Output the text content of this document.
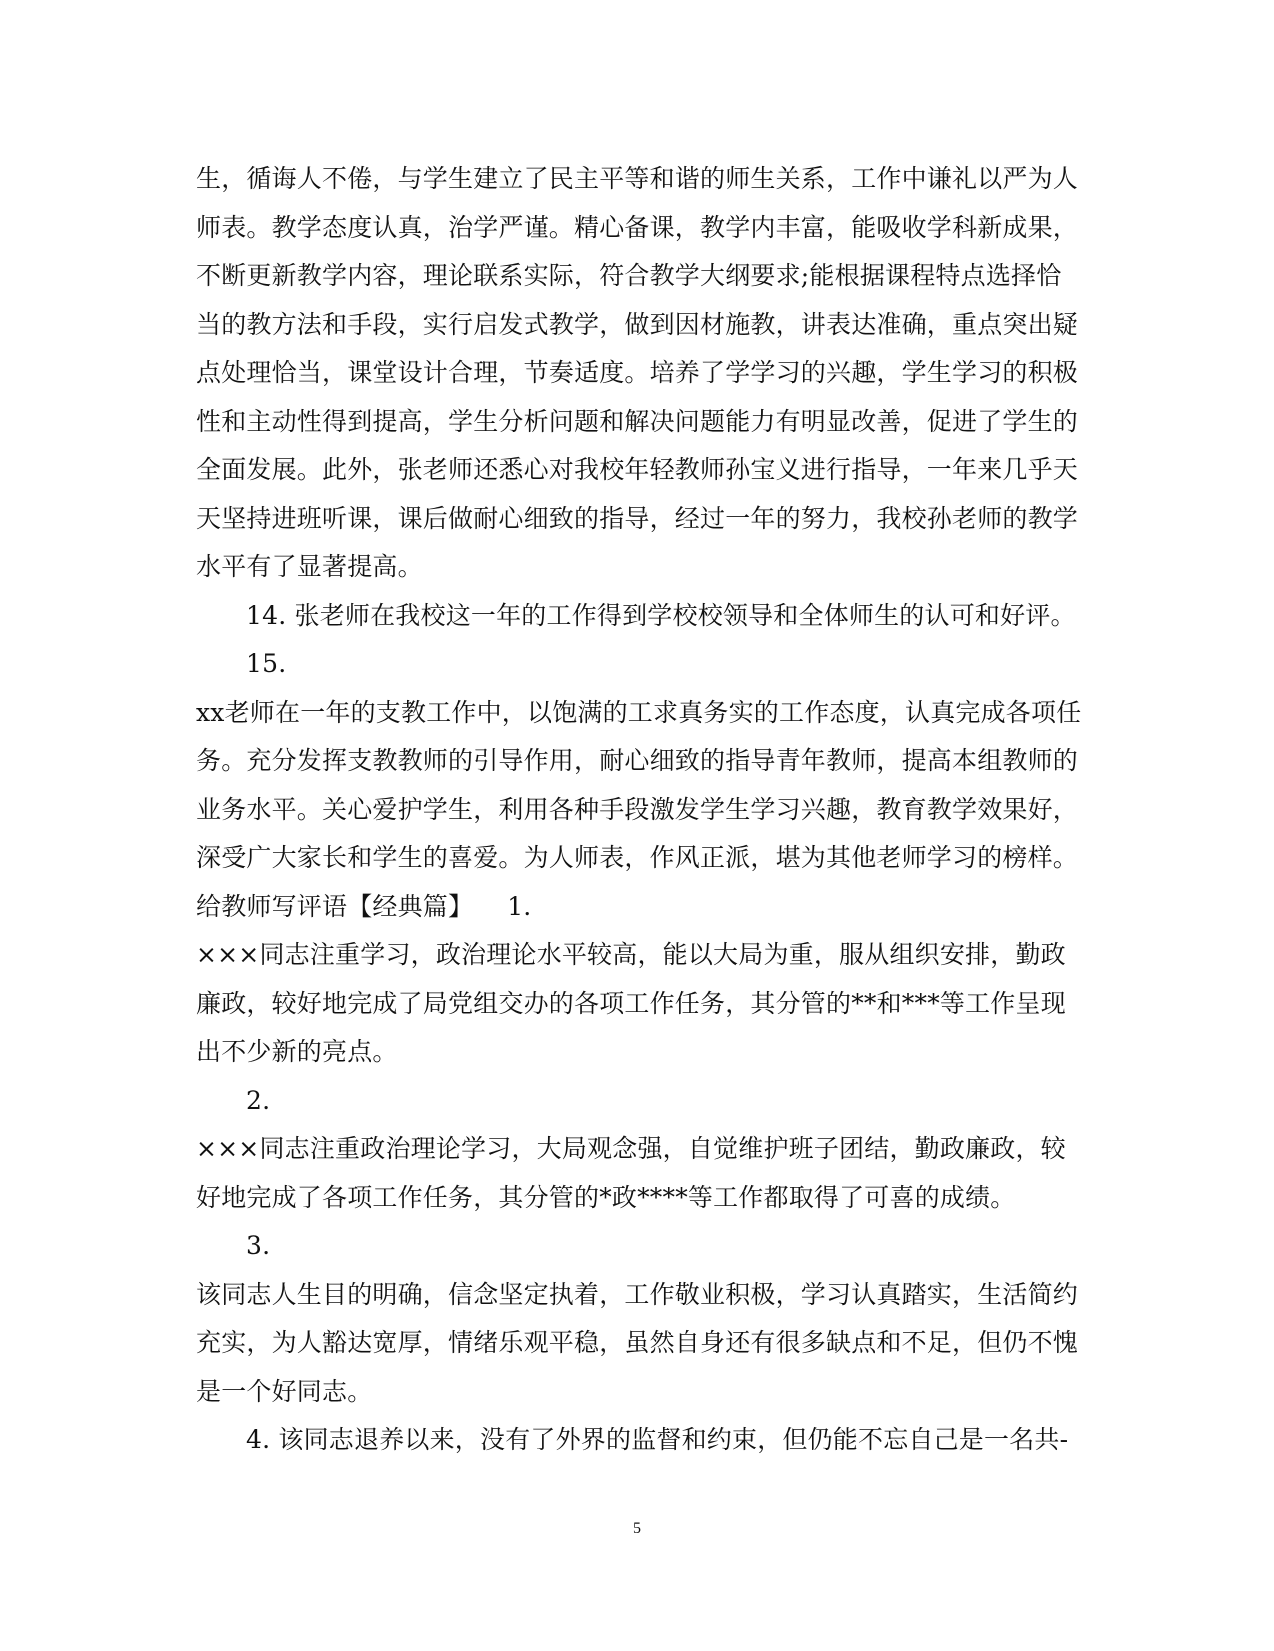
生，循诲人不倦，与学生建立了民主平等和谐的师生关系，工作中谦礼以严为人
师表。教学态度认真，治学严谨。精心备课，教学内丰富，能吸收学科新成果，
不断更新教学内容，理论联系实际，符合教学大纲要求;能根据课程特点选择恰
当的教方法和手段，实行启发式教学，做到因材施教，讲表达准确，重点突出疑
点处理恰当，课堂设计合理，节奏适度。培养了学学习的兴趣，学生学习的积极
性和主动性得到提高，学生分析问题和解决问题能力有明显改善，促进了学生的
全面发展。此外，张老师还悉心对我校年轻教师孙宝义进行指导，一年来几乎天
天坚持进班听课，课后做耐心细致的指导，经过一年的努力，我校孙老师的教学
水平有了显著提高。
14. 张老师在我校这一年的工作得到学校校领导和全体师生的认可和好评。
15.
xx老师在一年的支教工作中，以饱满的工求真务实的工作态度，认真完成各项任
务。充分发挥支教教师的引导作用，耐心细致的指导青年教师，提高本组教师的
业务水平。关心爱护学生，利用各种手段激发学生学习兴趣，教育教学效果好，
深受广大家长和学生的喜爱。为人师表，作风正派，堪为其他老师学习的榜样。
给教师写评语【经典篇】 1.
×××同志注重学习，政治理论水平较高，能以大局为重，服从组织安排，勤政
廉政，较好地完成了局党组交办的各项工作任务，其分管的**和***等工作呈现
出不少新的亮点。
2.
×××同志注重政治理论学习，大局观念强，自觉维护班子团结，勤政廉政，较
好地完成了各项工作任务，其分管的*政****等工作都取得了可喜的成绩。
3.
该同志人生目的明确，信念坚定执着，工作敬业积极，学习认真踏实，生活简约
充实，为人豁达宽厚，情绪乐观平稳，虽然自身还有很多缺点和不足，但仍不愧
是一个好同志。
4. 该同志退养以来，没有了外界的监督和约束，但仍能不忘自己是一名共-
5
